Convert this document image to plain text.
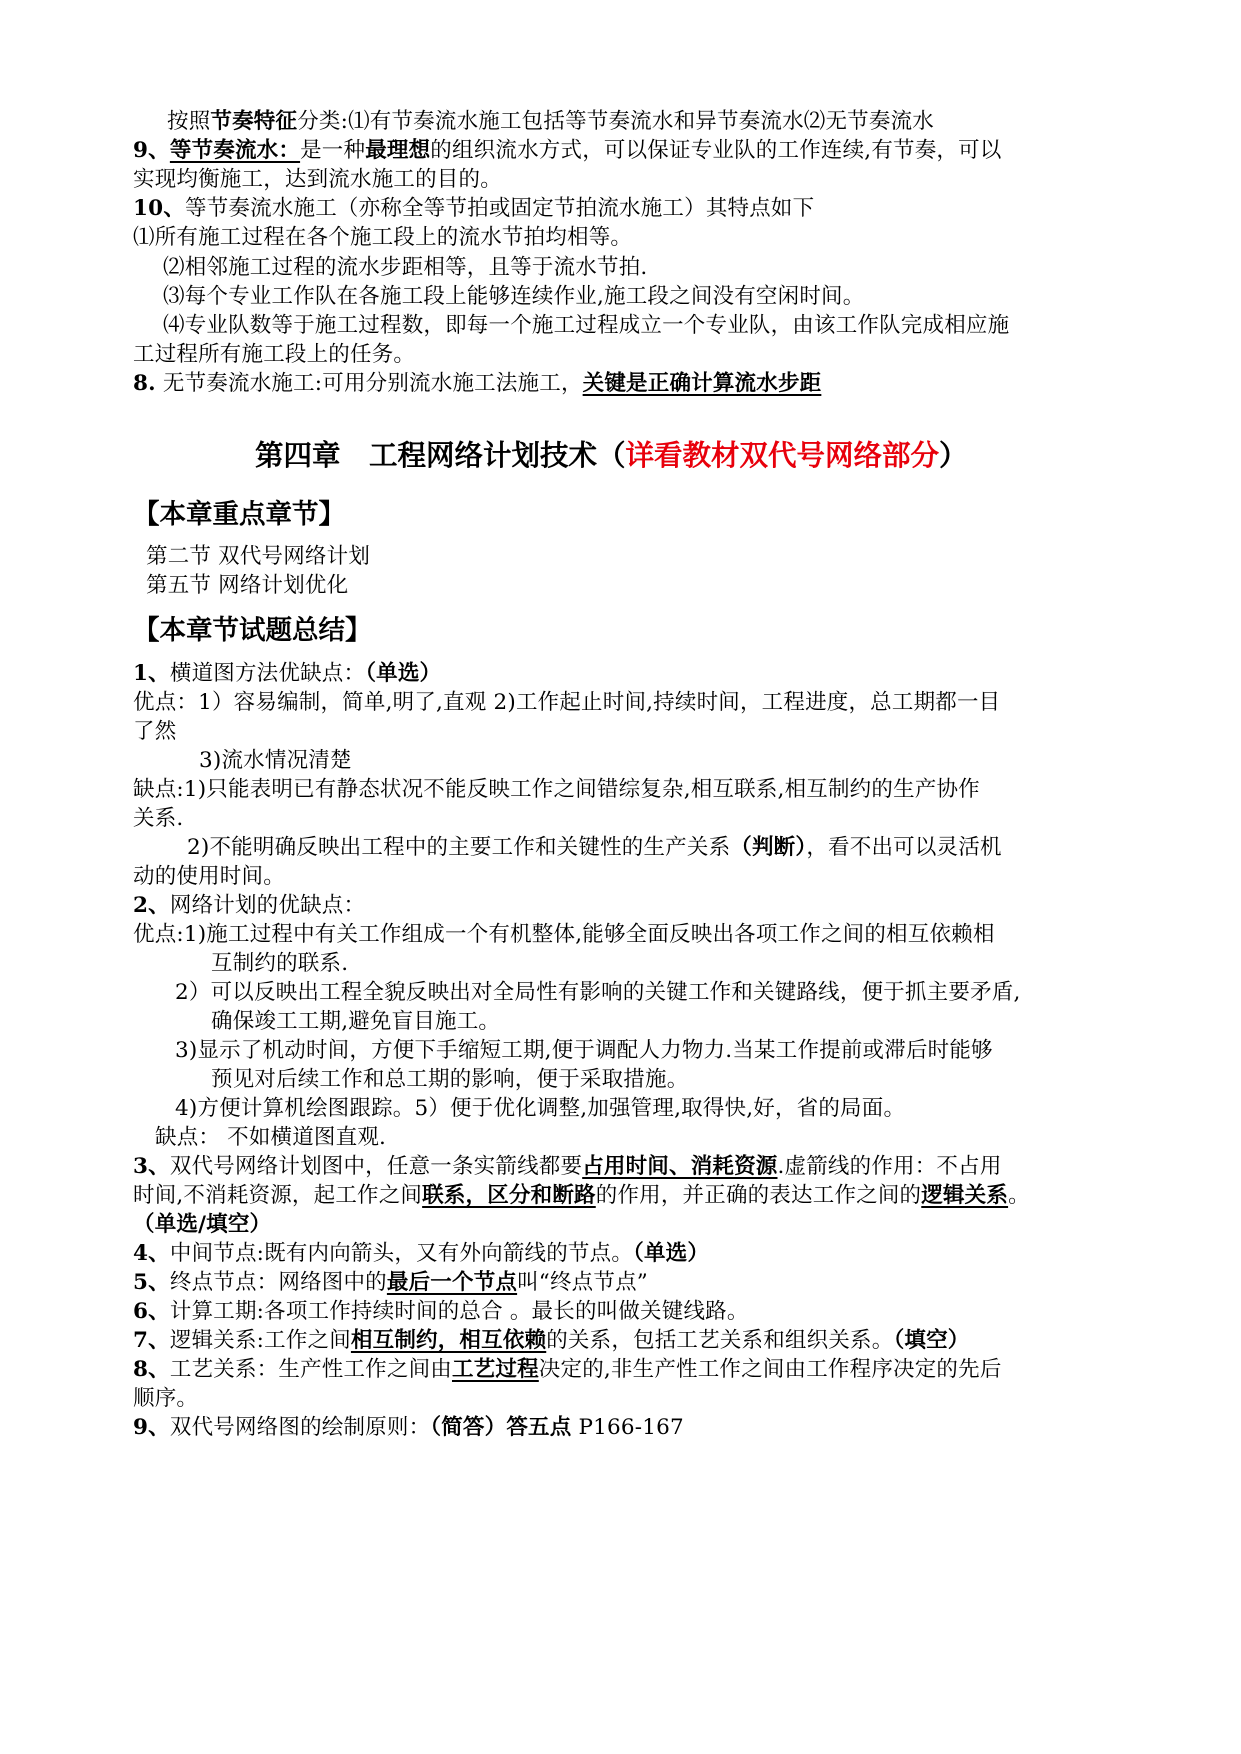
按照节奏特征分类:⑴有节奏流水施工包括等节奏流水和异节奏流水⑵无节奏流水
9、等节奏流水：是一种最理想的组织流水方式，可以保证专业队的工作连续,有节奏，可以
实现均衡施工，达到流水施工的目的。
10、等节奏流水施工（亦称全等节拍或固定节拍流水施工）其特点如下
⑴所有施工过程在各个施工段上的流水节拍均相等。
⑵相邻施工过程的流水步距相等，且等于流水节拍.
⑶每个专业工作队在各施工段上能够连续作业,施工段之间没有空闲时间。
⑷专业队数等于施工过程数，即每一个施工过程成立一个专业队，由该工作队完成相应施
工过程所有施工段上的任务。
8. 无节奏流水施工:可用分别流水施工法施工，关键是正确计算流水步距
第四章　工程网络计划技术（详看教材双代号网络部分）
【本章重点章节】
第二节 双代号网络计划
第五节 网络计划优化
【本章节试题总结】
1、横道图方法优缺点：（单选）
优点：1）容易编制，简单,明了,直观 2)工作起止时间,持续时间，工程进度，总工期都一目
了然
3)流水情况清楚
缺点:1)只能表明已有静态状况不能反映工作之间错综复杂,相互联系,相互制约的生产协作
关系.
2)不能明确反映出工程中的主要工作和关键性的生产关系（判断），看不出可以灵活机
动的使用时间。
2、网络计划的优缺点：
优点:1)施工过程中有关工作组成一个有机整体,能够全面反映出各项工作之间的相互依赖相
互制约的联系.
2）可以反映出工程全貌反映出对全局性有影响的关键工作和关键路线，便于抓主要矛盾,
确保竣工工期,避免盲目施工。
3)显示了机动时间，方便下手缩短工期,便于调配人力物力.当某工作提前或滞后时能够
预见对后续工作和总工期的影响，便于采取措施。
4)方便计算机绘图跟踪。5）便于优化调整,加强管理,取得快,好，省的局面。
缺点： 不如横道图直观.
3、双代号网络计划图中，任意一条实箭线都要占用时间、消耗资源.虚箭线的作用：不占用
时间,不消耗资源，起工作之间联系，区分和断路的作用，并正确的表达工作之间的逻辑关系。
（单选/填空）
4、中间节点:既有内向箭头，又有外向箭线的节点。（单选）
5、终点节点：网络图中的最后一个节点叫“终点节点”
6、计算工期:各项工作持续时间的总合 。最长的叫做关键线路。
7、逻辑关系:工作之间相互制约，相互依赖的关系，包括工艺关系和组织关系。（填空）
8、工艺关系：生产性工作之间由工艺过程决定的,非生产性工作之间由工作程序决定的先后
顺序。
9、双代号网络图的绘制原则：（简答）答五点 P166-167
